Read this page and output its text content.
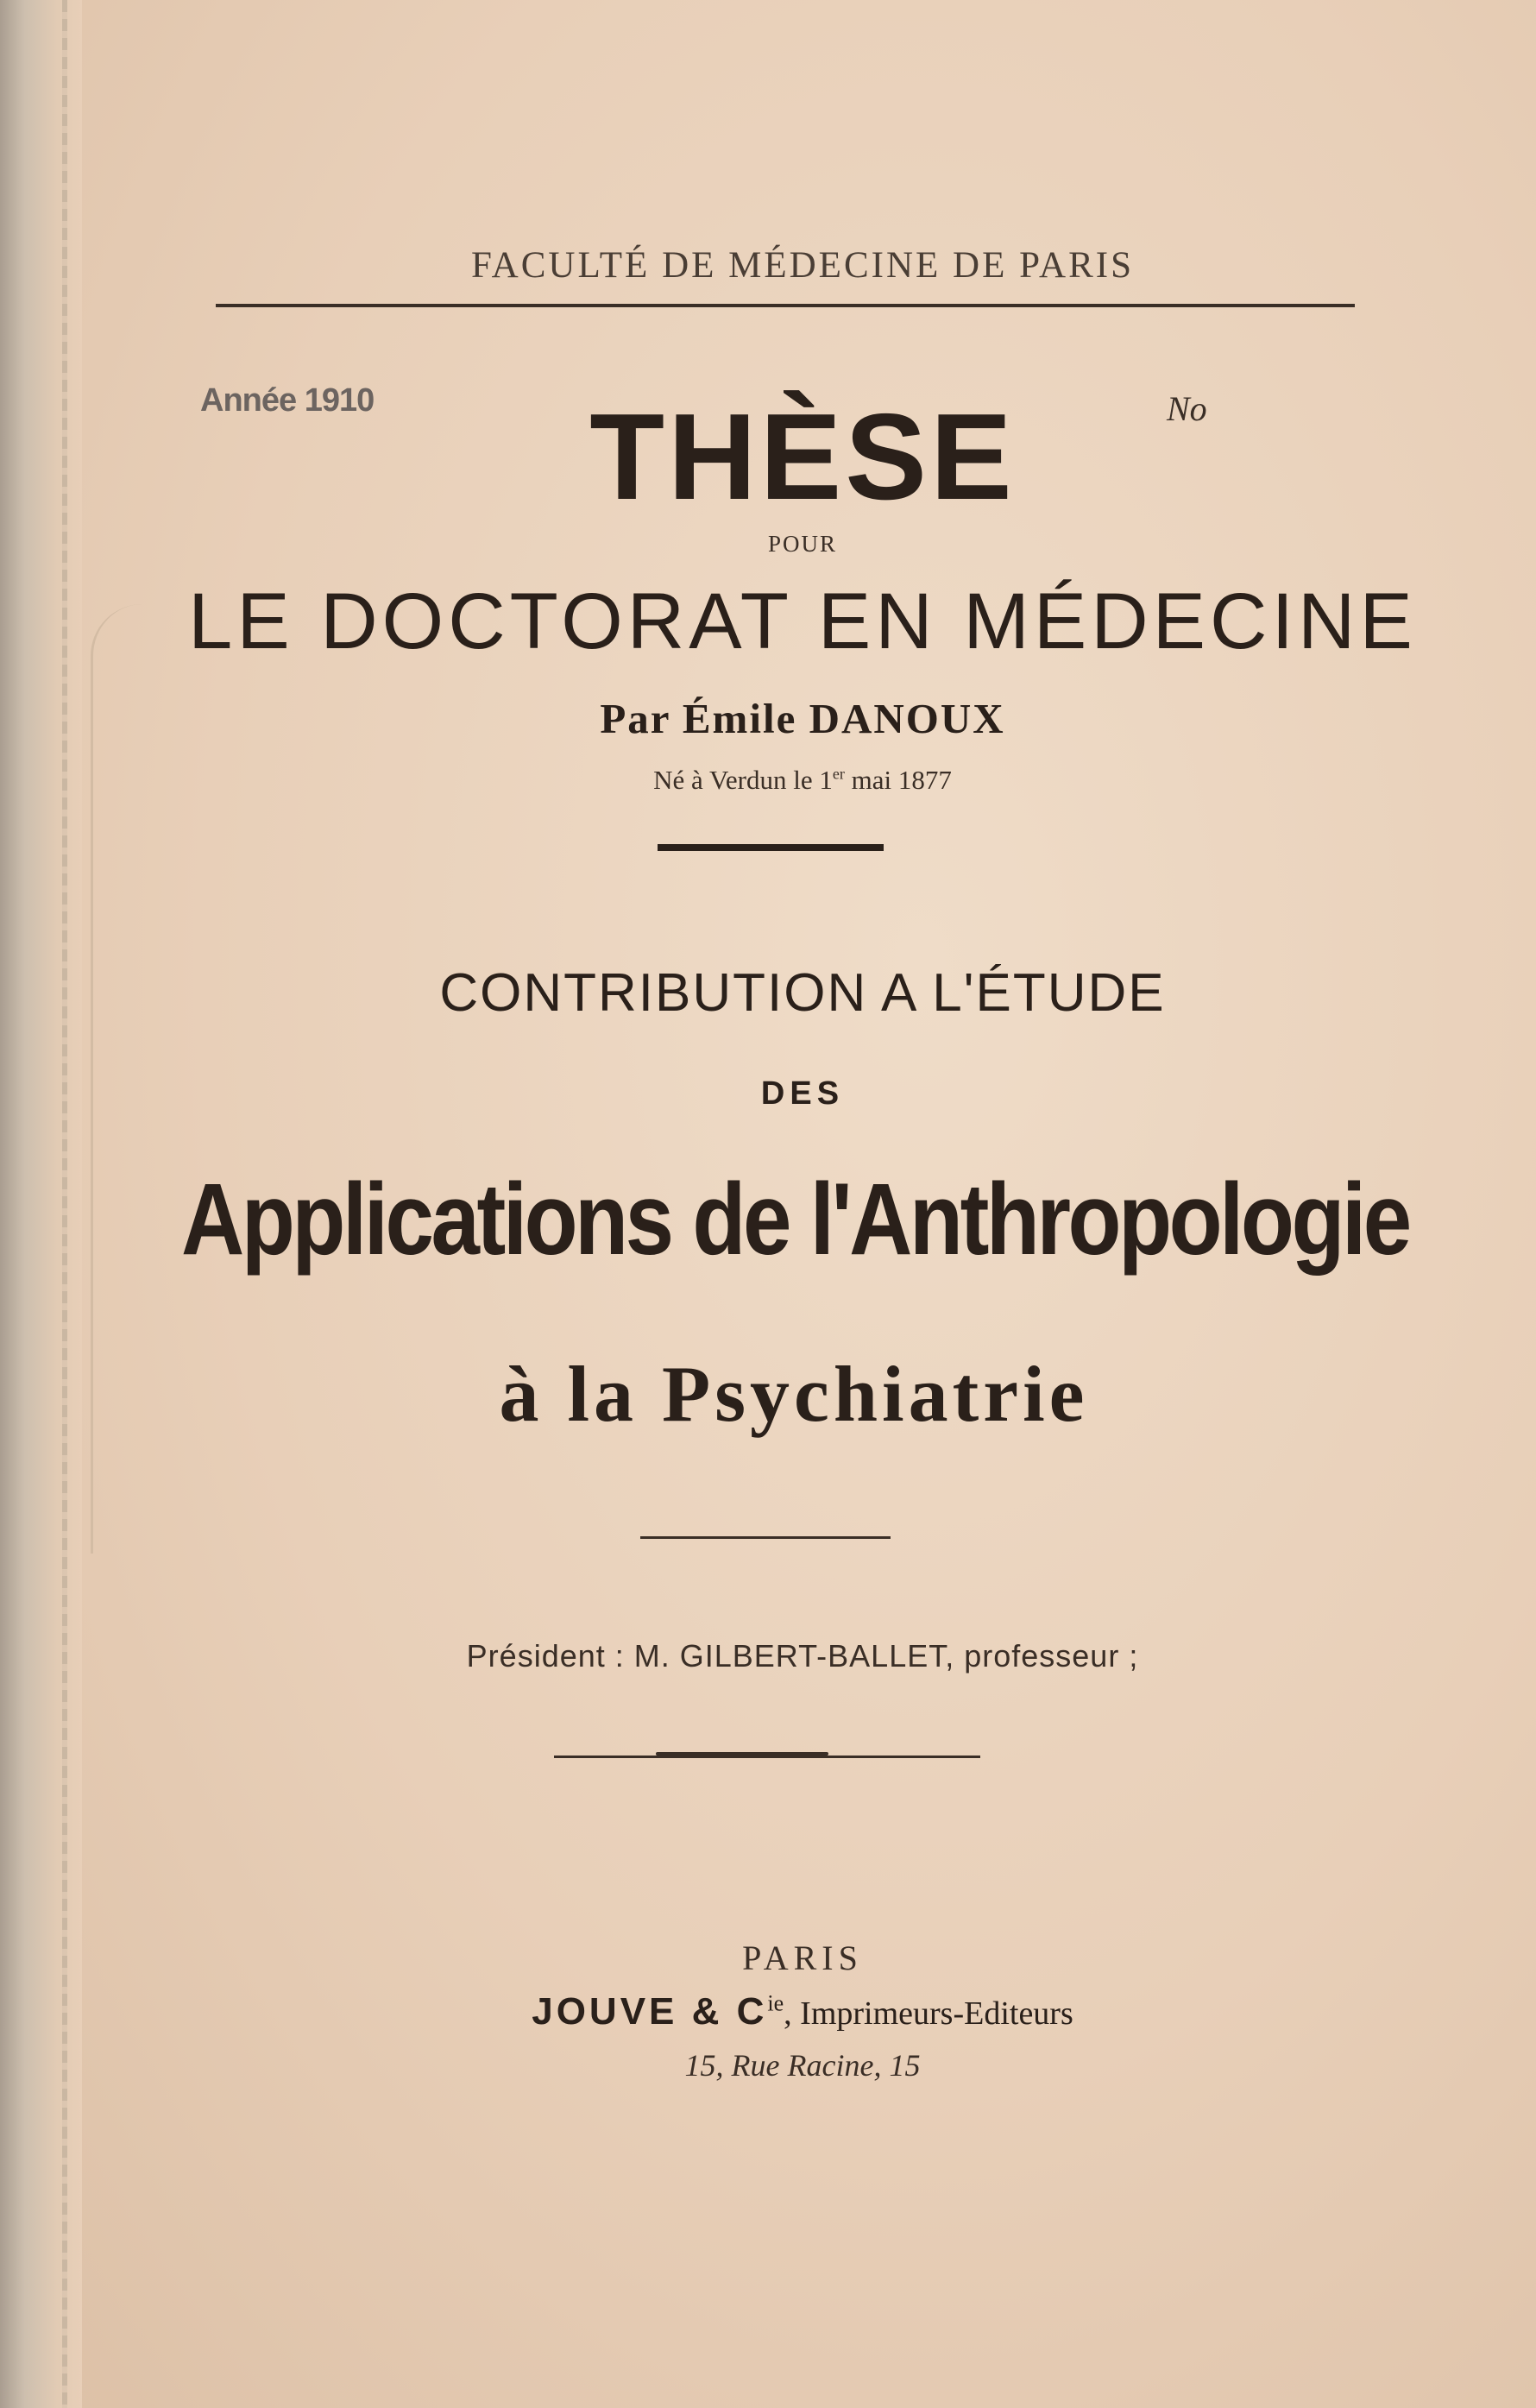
FACULTÉ DE MÉDECINE DE PARIS
Année 1910	No
THÈSE
POUR
LE DOCTORAT EN MÉDECINE
Par Émile DANOUX
Né à Verdun le 1er mai 1877
CONTRIBUTION A L'ÉTUDE
DES
Applications de l'Anthropologie
à la Psychiatrie
Président : M. GILBERT-BALLET, professeur ;
PARIS
JOUVE & $C^{ie}$, Imprimeurs-Editeurs
15, Rue Racine, 15
